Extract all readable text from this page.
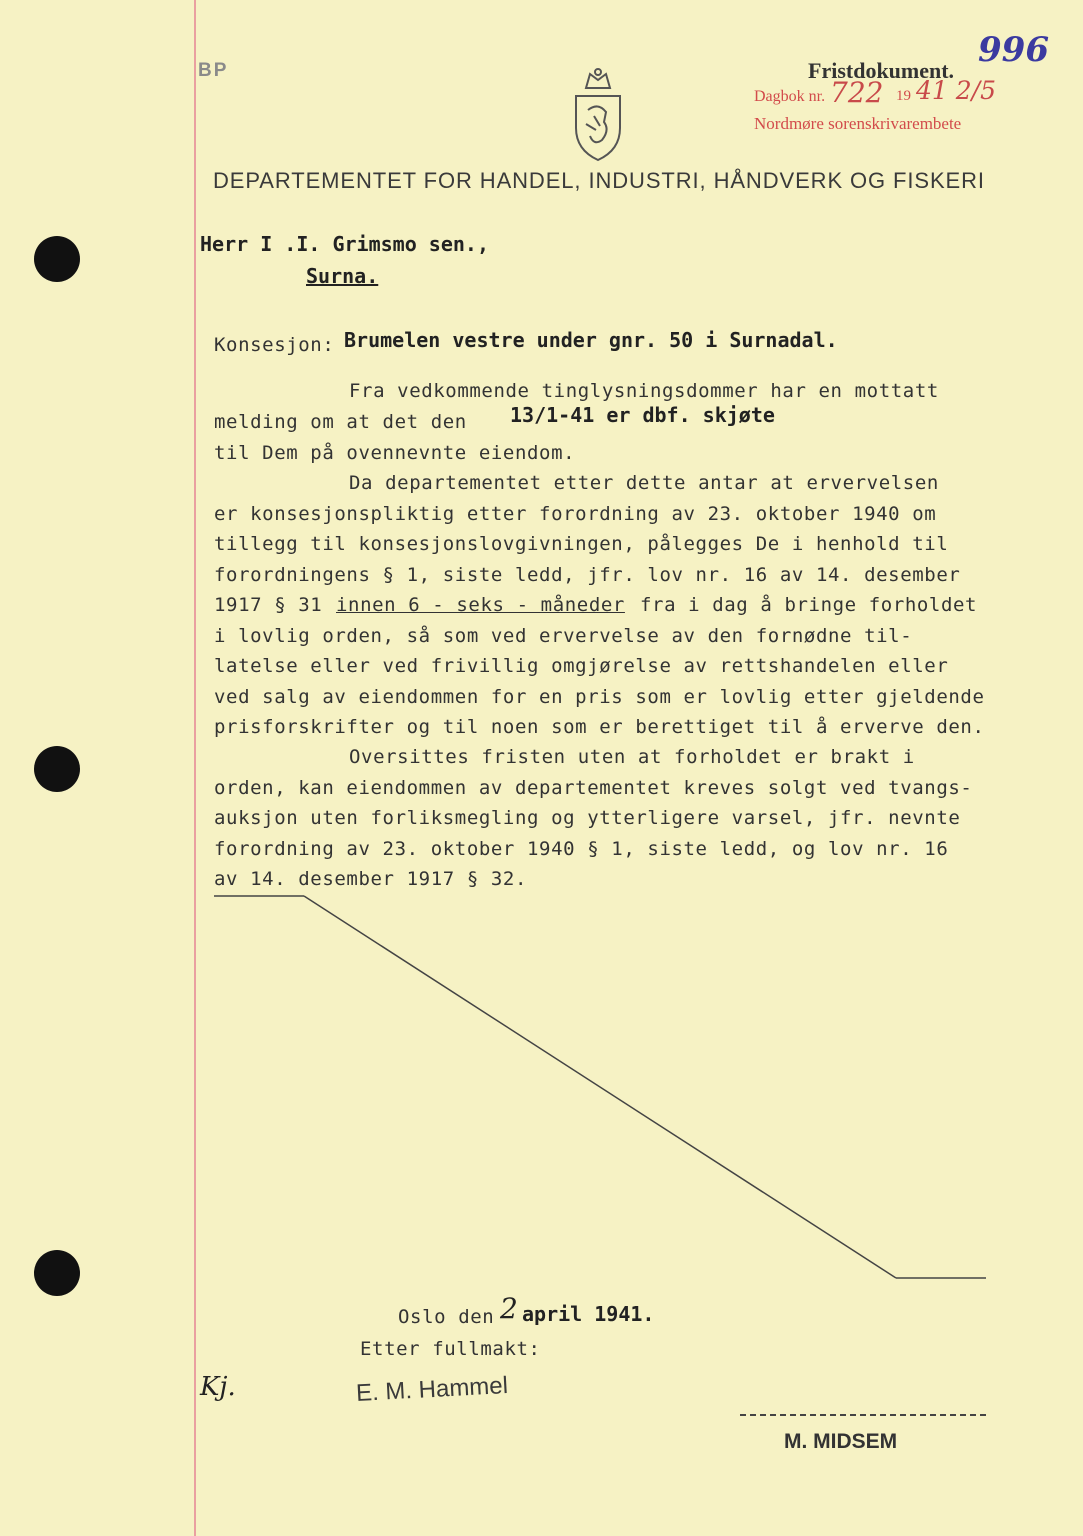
BP	Fristdokument.
996
Dagbok nr. 722 19 41 2/5
Nordmøre sorenskrivarembete
DEPARTEMENTET FOR HANDEL, INDUSTRI, HÅNDVERK OG FISKERI
Herr I .I. Grimsmo sen.,
Surna.
Konsesjon: Brumelen vestre under gnr. 50 i Surnadal.
Fra vedkommende tinglysningsdommer har en mottatt
melding om at det den 13/1-41 er dbf. skjøte
til Dem på ovennevnte eiendom.
Da departementet etter dette antar at ervervelsen
er konsesjonspliktig etter forordning av 23. oktober 1940 om
tillegg til konsesjonslovgivningen, pålegges De i henhold til
forordningens § 1, siste ledd, jfr. lov nr. 16 av 14. desember
1917 § 31 innen 6 - seks - måneder fra i dag å bringe forholdet
i lovlig orden, så som ved ervervelse av den fornødne til-
latelse eller ved frivillig omgjørelse av rettshandelen eller
ved salg av eiendommen for en pris som er lovlig etter gjeldende
prisforskrifter og til noen som er berettiget til å erverve den.
Oversittes fristen uten at forholdet er brakt i
orden, kan eiendommen av departementet kreves solgt ved tvangs-
auksjon uten forliksmegling og ytterligere varsel, jfr. nevnte
forordning av 23. oktober 1940 § 1, siste ledd, og lov nr. 16
av 14. desember 1917 § 32.
Oslo den 2 april 1941.
Etter fullmakt:
Kj.	E. M. Hammel
M. MIDSEM
